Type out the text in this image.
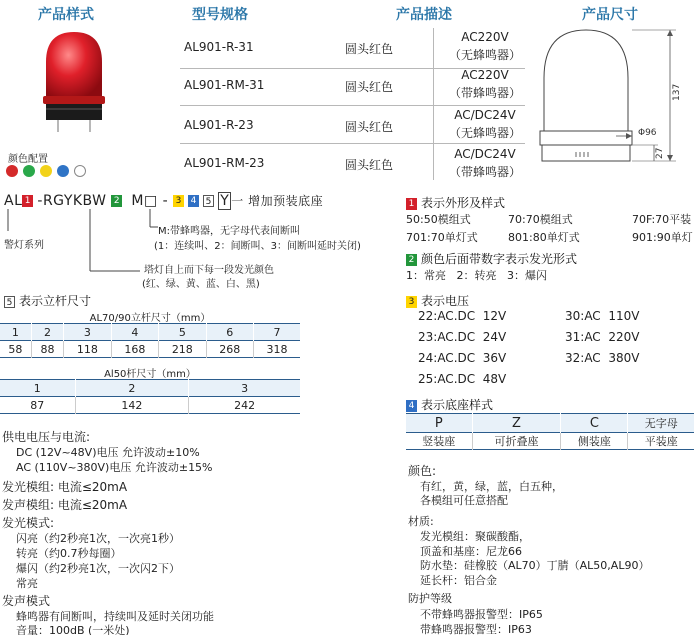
产品样式	型号规格	产品描述	产品尺寸
颜色配置
AL901-R-31	圆头红色
AC220V
（无蜂鸣器）
AL901-RM-31	圆头红色
AC220V
（带蜂鸣器）
AL901-R-23	圆头红色
AC/DC24V
（无蜂鸣器）
AL901-RM-23	圆头红色
AC/DC24V
（带蜂鸣器）
137
Φ96
27
AL 1 -RGYKBW 2 M□ - 3 4 5 Y 一 增加预装底座
警灯系列
M:带蜂鸣器，无字母代表间断叫
(1：连续叫、2：间断叫、3：间断叫延时关闭)
塔灯自上而下每一段发光颜色
(红、绿、黄、蓝、白、黑)
5 表示立杆尺寸
AL70/90立杆尺寸（mm）
1	2	3	4	5	6	7
58	88	118	168	218	268	318
Al50杆尺寸（mm）
1	2	3
87	142	242
供电电压与电流:
DC (12V~48V)电压 允许波动±10%
AC (110V~380V)电压 允许波动±15%
发光模组: 电流≤20mA
发声模组: 电流≤20mA
发光模式:
闪亮（约2秒亮1次，一次亮1秒）
转亮（约0.7秒每圈）
爆闪（约2秒亮1次，一次闪2下）
常亮
发声模式
蜂鸣器有间断叫，持续叫及延时关闭功能
音量：100dB (一米处)
1 表示外形及样式
50:50模组式	70:70模组式	70F:70平装
701:70单灯式	801:80单灯式	901:90单灯
2 颜色后面带数字表示发光形式
1：常亮   2：转亮   3：爆闪
3 表示电压
22:AC.DC  12V	30:AC  110V
23:AC.DC  24V	31:AC  220V
24:AC.DC  36V	32:AC  380V
25:AC.DC  48V
4 表示底座样式
P	Z	C	无字母
竖装座	可折叠座	侧装座	平装座
颜色:
有红，黄，绿，蓝，白五种，
各模组可任意搭配
材质:
发光模组：聚碳酸酯，
顶盖和基座：尼龙66
防水垫：硅橡胶（AL70）丁腈（AL50,AL90）
延长杆：铝合金
防护等级
不带蜂鸣器报警型：IP65
带蜂鸣器报警型：IP63
